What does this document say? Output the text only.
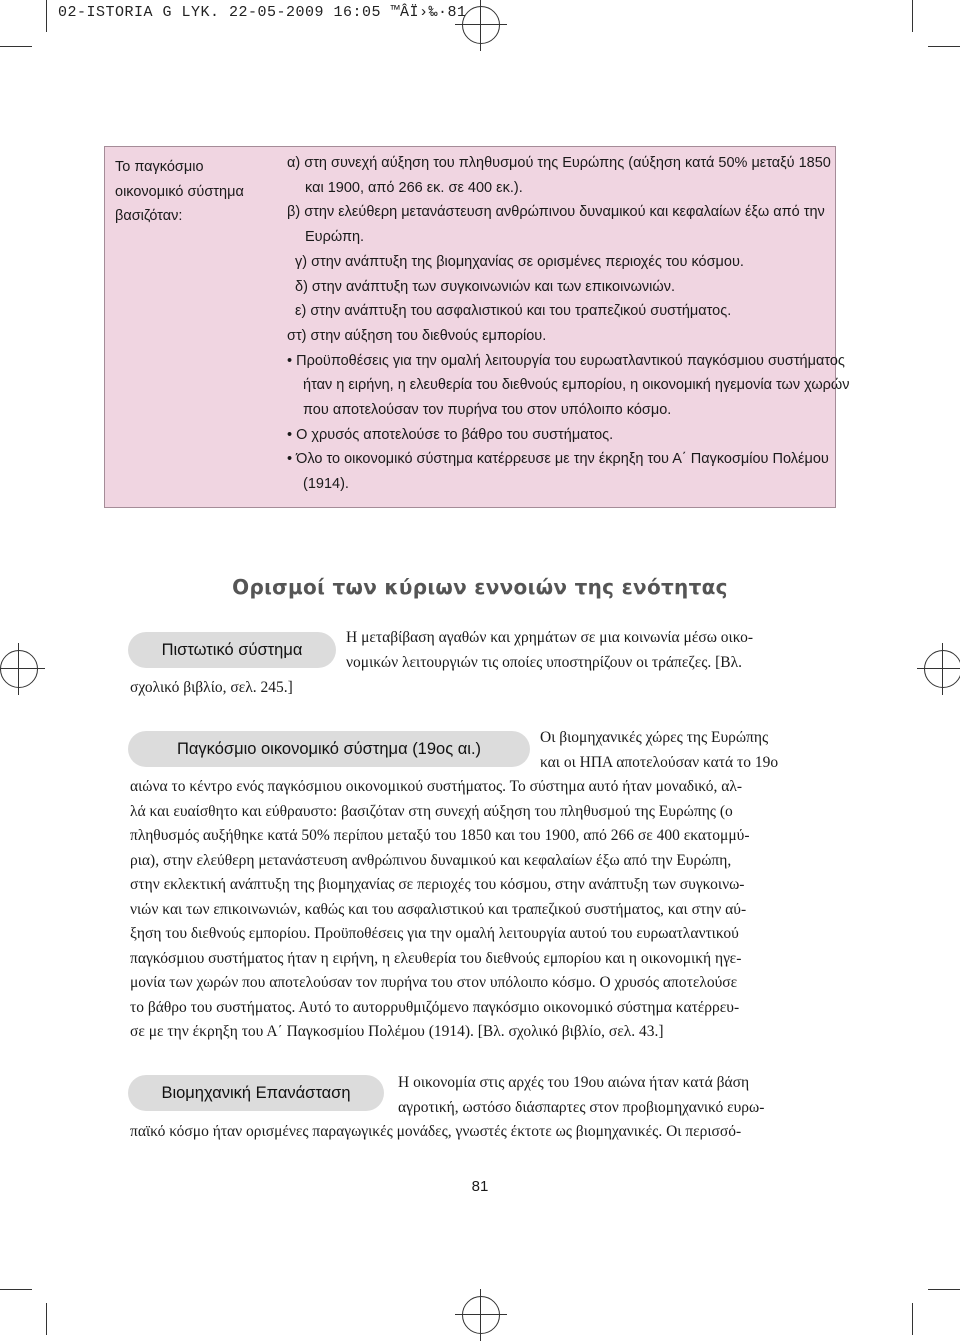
02-ISTORIA G LYK. 22-05-2009 16:05 ™ÂÏ›‰·81
Το παγκόσμιο
οικονομικό σύστημα
βασιζόταν:
α) στη συνεχή αύξηση του πληθυσμού της Ευρώπης (αύξηση κατά 50% μεταξύ 1850
και 1900, από 266 εκ. σε 400 εκ.).
β) στην ελεύθερη μετανάστευση ανθρώπινου δυναμικού και κεφαλαίων έξω από την
Ευρώπη.
γ) στην ανάπτυξη της βιομηχανίας σε ορισμένες περιοχές του κόσμου.
δ) στην ανάπτυξη των συγκοινωνιών και των επικοινωνιών.
ε) στην ανάπτυξη του ασφαλιστικού και του τραπεζικού συστήματος.
στ) στην αύξηση του διεθνούς εμπορίου.
• Προϋποθέσεις για την ομαλή λειτουργία του ευρωατλαντικού παγκόσμιου συστήματος
ήταν η ειρήνη, η ελευθερία του διεθνούς εμπορίου, η οικονομική ηγεμονία των χωρών
που αποτελούσαν τον πυρήνα του στον υπόλοιπο κόσμο.
• Ο χρυσός αποτελούσε το βάθρο του συστήματος.
• Όλο το οικονομικό σύστημα κατέρρευσε με την έκρηξη του Α΄ Παγκοσμίου Πολέμου
(1914).
Ορισμοί των κύριων εννοιών της ενότητας
Πιστωτικό σύστημα
Η μεταβίβαση αγαθών και χρημάτων σε μια κοινωνία μέσω οικο-
νομικών λειτουργιών τις οποίες υποστηρίζουν οι τράπεζες. [Βλ.
σχολικό βιβλίο, σελ. 245.]
Παγκόσμιο οικονομικό σύστημα (19ος αι.)
Οι βιομηχανικές χώρες της Ευρώπης
και οι ΗΠΑ αποτελούσαν κατά το 19ο
αιώνα το κέντρο ενός παγκόσμιου οικονομικού συστήματος. Το σύστημα αυτό ήταν μοναδικό, αλ-
λά και ευαίσθητο και εύθραυστο: βασιζόταν στη συνεχή αύξηση του πληθυσμού της Ευρώπης (ο
πληθυσμός αυξήθηκε κατά 50% περίπου μεταξύ του 1850 και του 1900, από 266 σε 400 εκατομμύ-
ρια), στην ελεύθερη μετανάστευση ανθρώπινου δυναμικού και κεφαλαίων έξω από την Ευρώπη,
στην εκλεκτική ανάπτυξη της βιομηχανίας σε περιοχές του κόσμου, στην ανάπτυξη των συγκοινω-
νιών και των επικοινωνιών, καθώς και του ασφαλιστικού και τραπεζικού συστήματος, και στην αύ-
ξηση του διεθνούς εμπορίου. Προϋποθέσεις για την ομαλή λειτουργία αυτού του ευρωατλαντικού
παγκόσμιου συστήματος ήταν η ειρήνη, η ελευθερία του διεθνούς εμπορίου και η οικονομική ηγε-
μονία των χωρών που αποτελούσαν τον πυρήνα του στον υπόλοιπο κόσμο. Ο χρυσός αποτελούσε
το βάθρο του συστήματος. Αυτό το αυτορρυθμιζόμενο παγκόσμιο οικονομικό σύστημα κατέρρευ-
σε με την έκρηξη του Α΄ Παγκοσμίου Πολέμου (1914). [Βλ. σχολικό βιβλίο, σελ. 43.]
Βιομηχανική Επανάσταση
Η οικονομία στις αρχές του 19ου αιώνα ήταν κατά βάση
αγροτική, ωστόσο διάσπαρτες στον προβιομηχανικό ευρω-
παϊκό κόσμο ήταν ορισμένες παραγωγικές μονάδες, γνωστές έκτοτε ως βιομηχανικές. Οι περισσό-
81
